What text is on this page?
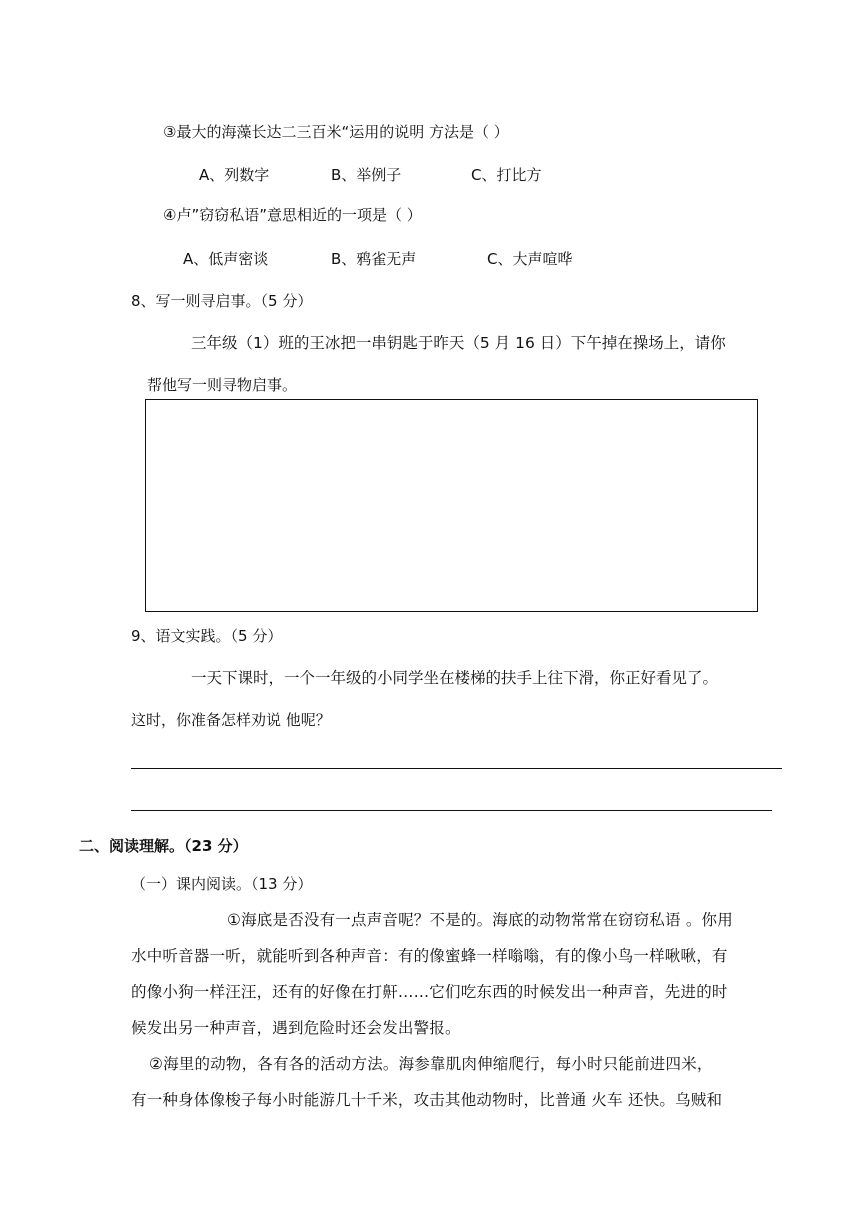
③最大的海藻长达二三百米“运用的说明 方法是（ ）
A、列数字	B、举例子	C、打比方
④卢”窃窃私语”意思相近的一项是（ ）
A、低声密谈	B、鸦雀无声	C、大声喧哗
8、写一则寻启事。（5 分）
三年级（1）班的王冰把一串钥匙于昨天（5 月 16 日）下午掉在操场上，请你
帮他写一则寻物启事。
9、语文实践。（5 分）
一天下课时，一个一年级的小同学坐在楼梯的扶手上往下滑，你正好看见了。
这时，你准备怎样劝说 他呢？
二、阅读理解。（23 分）
（一）课内阅读。（13 分）
①海底是否没有一点声音呢？不是的。海底的动物常常在窃窃私语 。你用
水中听音器一听，就能听到各种声音：有的像蜜蜂一样嗡嗡，有的像小鸟一样啾啾，有
的像小狗一样汪汪，还有的好像在打鼾……它们吃东西的时候发出一种声音，先进的时
候发出另一种声音，遇到危险时还会发出警报。
②海里的动物，各有各的活动方法。海参靠肌肉伸缩爬行，每小时只能前进四米，
有一种身体像梭子每小时能游几十千米，攻击其他动物时，比普通 火车 还快。乌贼和
